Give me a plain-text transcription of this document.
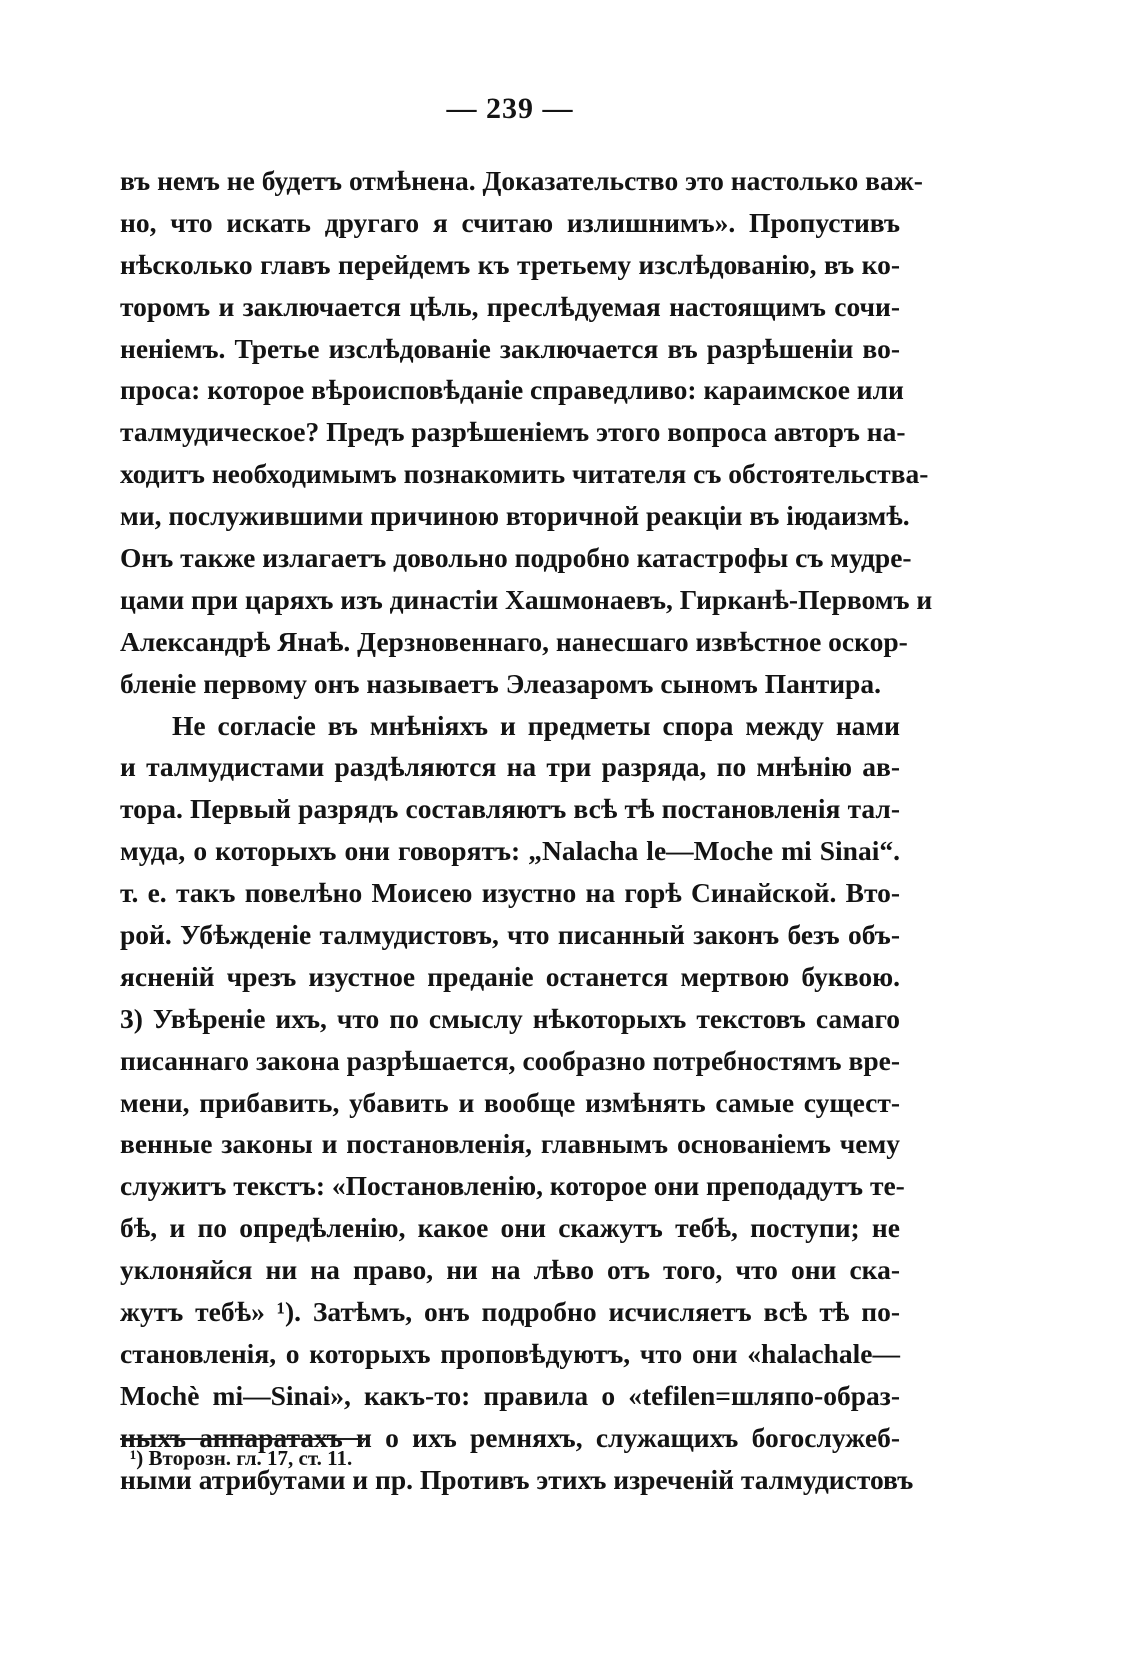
— 239 —
въ немъ не будетъ отмѣнена. Доказательство это настолько важ-
но, что искать другаго я считаю излишнимъ». Пропустивъ
нѣсколько главъ перейдемъ къ третьему изслѣдованію, въ ко-
торомъ и заключается цѣль, преслѣдуемая настоящимъ сочи-
неніемъ. Третье изслѣдованіе заключается въ разрѣшеніи во-
проса: которое вѣроисповѣданіе справедливо: караимское или
талмудическое? Предъ разрѣшеніемъ этого вопроса авторъ на-
ходитъ необходимымъ познакомить читателя съ обстоятельства-
ми, послужившими причиною вторичной реакціи въ іюдаизмѣ.
Онъ также излагаетъ довольно подробно катастрофы съ мудре-
цами при царяхъ изъ династіи Хашмонаевъ, Гирканѣ-Первомъ и
Александрѣ Янаѣ. Дерзновеннаго, нанесшаго извѣстное оскор-
бленіе первому онъ называетъ Элеазаромъ сыномъ Пантира.
Не согласіе въ мнѣніяхъ и предметы спора между нами
и талмудистами раздѣляются на три разряда, по мнѣнію ав-
тора. Первый разрядъ составляютъ всѣ тѣ постановленія тал-
муда, о которыхъ они говорятъ: „Nalacha le—Moche mi Sinai“.
т. е. такъ повелѣно Моисею изустно на горѣ Синайской. Вто-
рой. Убѣжденіе талмудистовъ, что писанный законъ безъ объ-
ясненій чрезъ изустное преданіе останется мертвою буквою.
3) Увѣреніе ихъ, что по смыслу нѣкоторыхъ текстовъ самаго
писаннаго закона разрѣшается, сообразно потребностямъ вре-
мени, прибавить, убавить и вообще измѣнять самые сущест-
венные законы и постановленія, главнымъ основаніемъ чему
служитъ текстъ: «Постановленію, которое они преподадутъ те-
бѣ, и по опредѣленію, какое они скажутъ тебѣ, поступи; не
уклоняйся ни на право, ни на лѣво отъ того, что они ска-
жутъ тебѣ» ¹). Затѣмъ, онъ подробно исчисляетъ всѣ тѣ по-
становленія, о которыхъ проповѣдуютъ, что они «halachale—
Mochè mi—Sinai», какъ-то: правила о «tefilen=шляпо-образ-
ныхъ аппаратахъ и о ихъ ремняхъ, служащихъ богослужеб-
ными атрибутами и пр. Противъ этихъ изреченій талмудистовъ
¹) Второзн. гл. 17, ст. 11.
